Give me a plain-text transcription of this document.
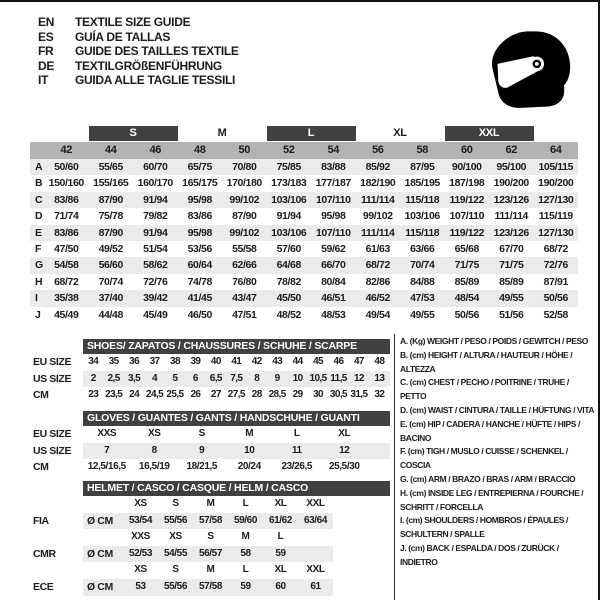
EN	TEXTILE SIZE GUIDE
ES	GUÍA DE TALLAS
FR	GUIDE DES TAILLES TEXTILE
DE	TEXTILGRÖßENFÜHRUNG
IT	GUIDA ALLE TAGLIE TESSILI
S	M	L	XL	XXL
42	44	46	48	50	52	54	56	58	60	62	64
A	50/60	55/65	60/70	65/75	70/80	75/85	83/88	85/92	87/95	90/100	95/100	105/115
B 150/160 155/165 160/170 165/175 170/180 173/183 177/187 182/190 185/195 187/198 190/200 190/200
C	83/86	87/90	91/94	95/98	99/102	103/106 107/110	111/114	115/118 119/122 123/126 127/130
D	71/74	75/78	79/82	83/86	87/90	91/94	95/98	99/102	103/106 107/110	111/114	115/119
E	83/86	87/90	91/94	95/98	99/102	103/106 107/110	111/114	115/118 119/122 123/126 127/130
F	47/50	49/52	51/54	53/56	55/58	57/60	59/62	61/63	63/66	65/68	67/70	68/72
G	54/58	56/60	58/62	60/64	62/66	64/68	66/70	68/72	70/74	71/75	71/75	72/76
H	68/72	70/74	72/76	74/78	76/80	78/82	80/84	82/86	84/88	85/89	85/89	87/91
I	35/38	37/40	39/42	41/45	43/47	45/50	46/51	46/52	47/53	48/54	49/55	50/56
J	45/49	44/48	45/49	46/50	47/51	48/52	48/53	49/54	49/55	50/56	51/56	52/58
SHOES/ ZAPATOS / CHAUSSURES / SCHUHE / SCARPE
EU SIZE	34	35	36	37	38	39	40	41	42	43	44	45	46	47	48
US SIZE	2	2,5 3,5	4	5	6	6,5 7,5	8	9	10 10,5 11,5 12	13
CM	23 23,5 24 24,5 25,5 26	27 27,5 28 28,5 29	30 30,5 31,5 32
GLOVES / GUANTES / GANTS / HANDSCHUHE / GUANTI
EU SIZE	XXS	XS	S	M	L	XL
US SIZE	7	8	9	10	11	12
CM	12,5/16,5	16,5/19	18/21,5	20/24	23/26,5	25,5/30
HELMET / CASCO / CASQUE / HELM / CASCO
XS	S	M	L	XL	XXL
FIA	Ø CM	53/54	55/56	57/58	59/60	61/62	63/64
XXS	XS	S	M	L
CMR	Ø CM	52/53	54/55	56/57	58	59
XS	S	M	L	XL	XXL
ECE	Ø CM	53	55/56	57/58	59	60	61
A. (Kg) WEIGHT / PESO / POIDS / GEWITCH / PESO
B. (cm) HEIGHT / ALTURA / HAUTEUR / HÖHE / ALTEZZA
C. (cm) CHEST / PECHO / POITRINE / TRUHE / PETTO
D. (cm) WAIST / CINTURA / TAILLE / HÜFTUNG / VITA
E. (cm) HIP / CADERA / HANCHE / HÜFTE / HIPS / BACINO
F. (cm) TIGH / MUSLO / CUISSE / SCHENKEL / COSCIA
G. (cm) ARM / BRAZO / BRAS / ARM / BRACCIO
H. (cm) INSIDE LEG / ENTREPIERNA / FOURCHE / SCHRITT / FORCELLA
I. (cm) SHOULDERS / HOMBROS / ÉPAULES / SCHULTERN / SPALLE
J. (cm) BACK / ESPALDA / DOS / ZURÜCK / INDIETRO
